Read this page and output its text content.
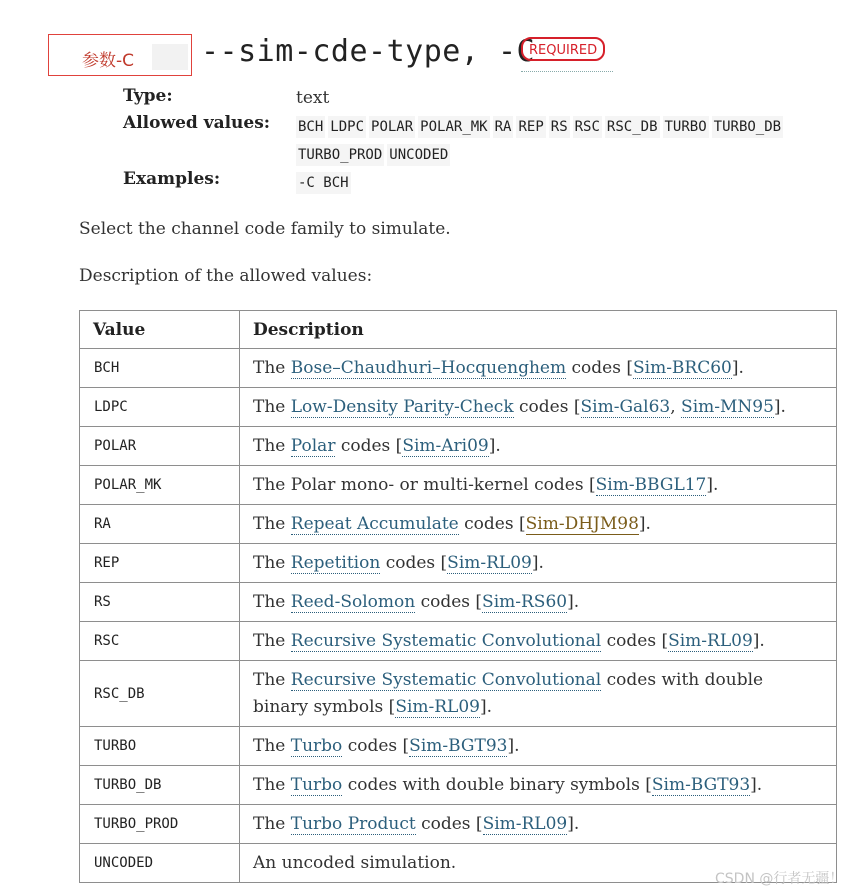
参数-C --sim-cde-type, -C
REQUIRED
Type:	text
Allowed values: BCH LDPC POLAR POLAR_MK RA REP RS RSC RSC_DB TURBO TURBO_DB
TURBO_PROD UNCODED
Examples:	-C BCH
Select the channel code family to simulate.
Description of the allowed values:
Value	Description
BCH	The Bose–Chaudhuri–Hocquenghem codes [Sim-BRC60].
LDPC	The Low-Density Parity-Check codes [Sim-Gal63, Sim-MN95].
POLAR	The Polar codes [Sim-Ari09].
POLAR_MK	The Polar mono- or multi-kernel codes [Sim-BBGL17].
RA	The Repeat Accumulate codes [Sim-DHJM98].
REP	The Repetition codes [Sim-RL09].
RS	The Reed-Solomon codes [Sim-RS60].
RSC	The Recursive Systematic Convolutional codes [Sim-RL09].
RSC_DB	The Recursive Systematic Convolutional codes with double binary symbols [Sim-RL09].
TURBO	The Turbo codes [Sim-BGT93].
TURBO_DB	The Turbo codes with double binary symbols [Sim-BGT93].
TURBO_PROD	The Turbo Product codes [Sim-RL09].
UNCODED	An uncoded simulation.
CSDN @行者无疆！
